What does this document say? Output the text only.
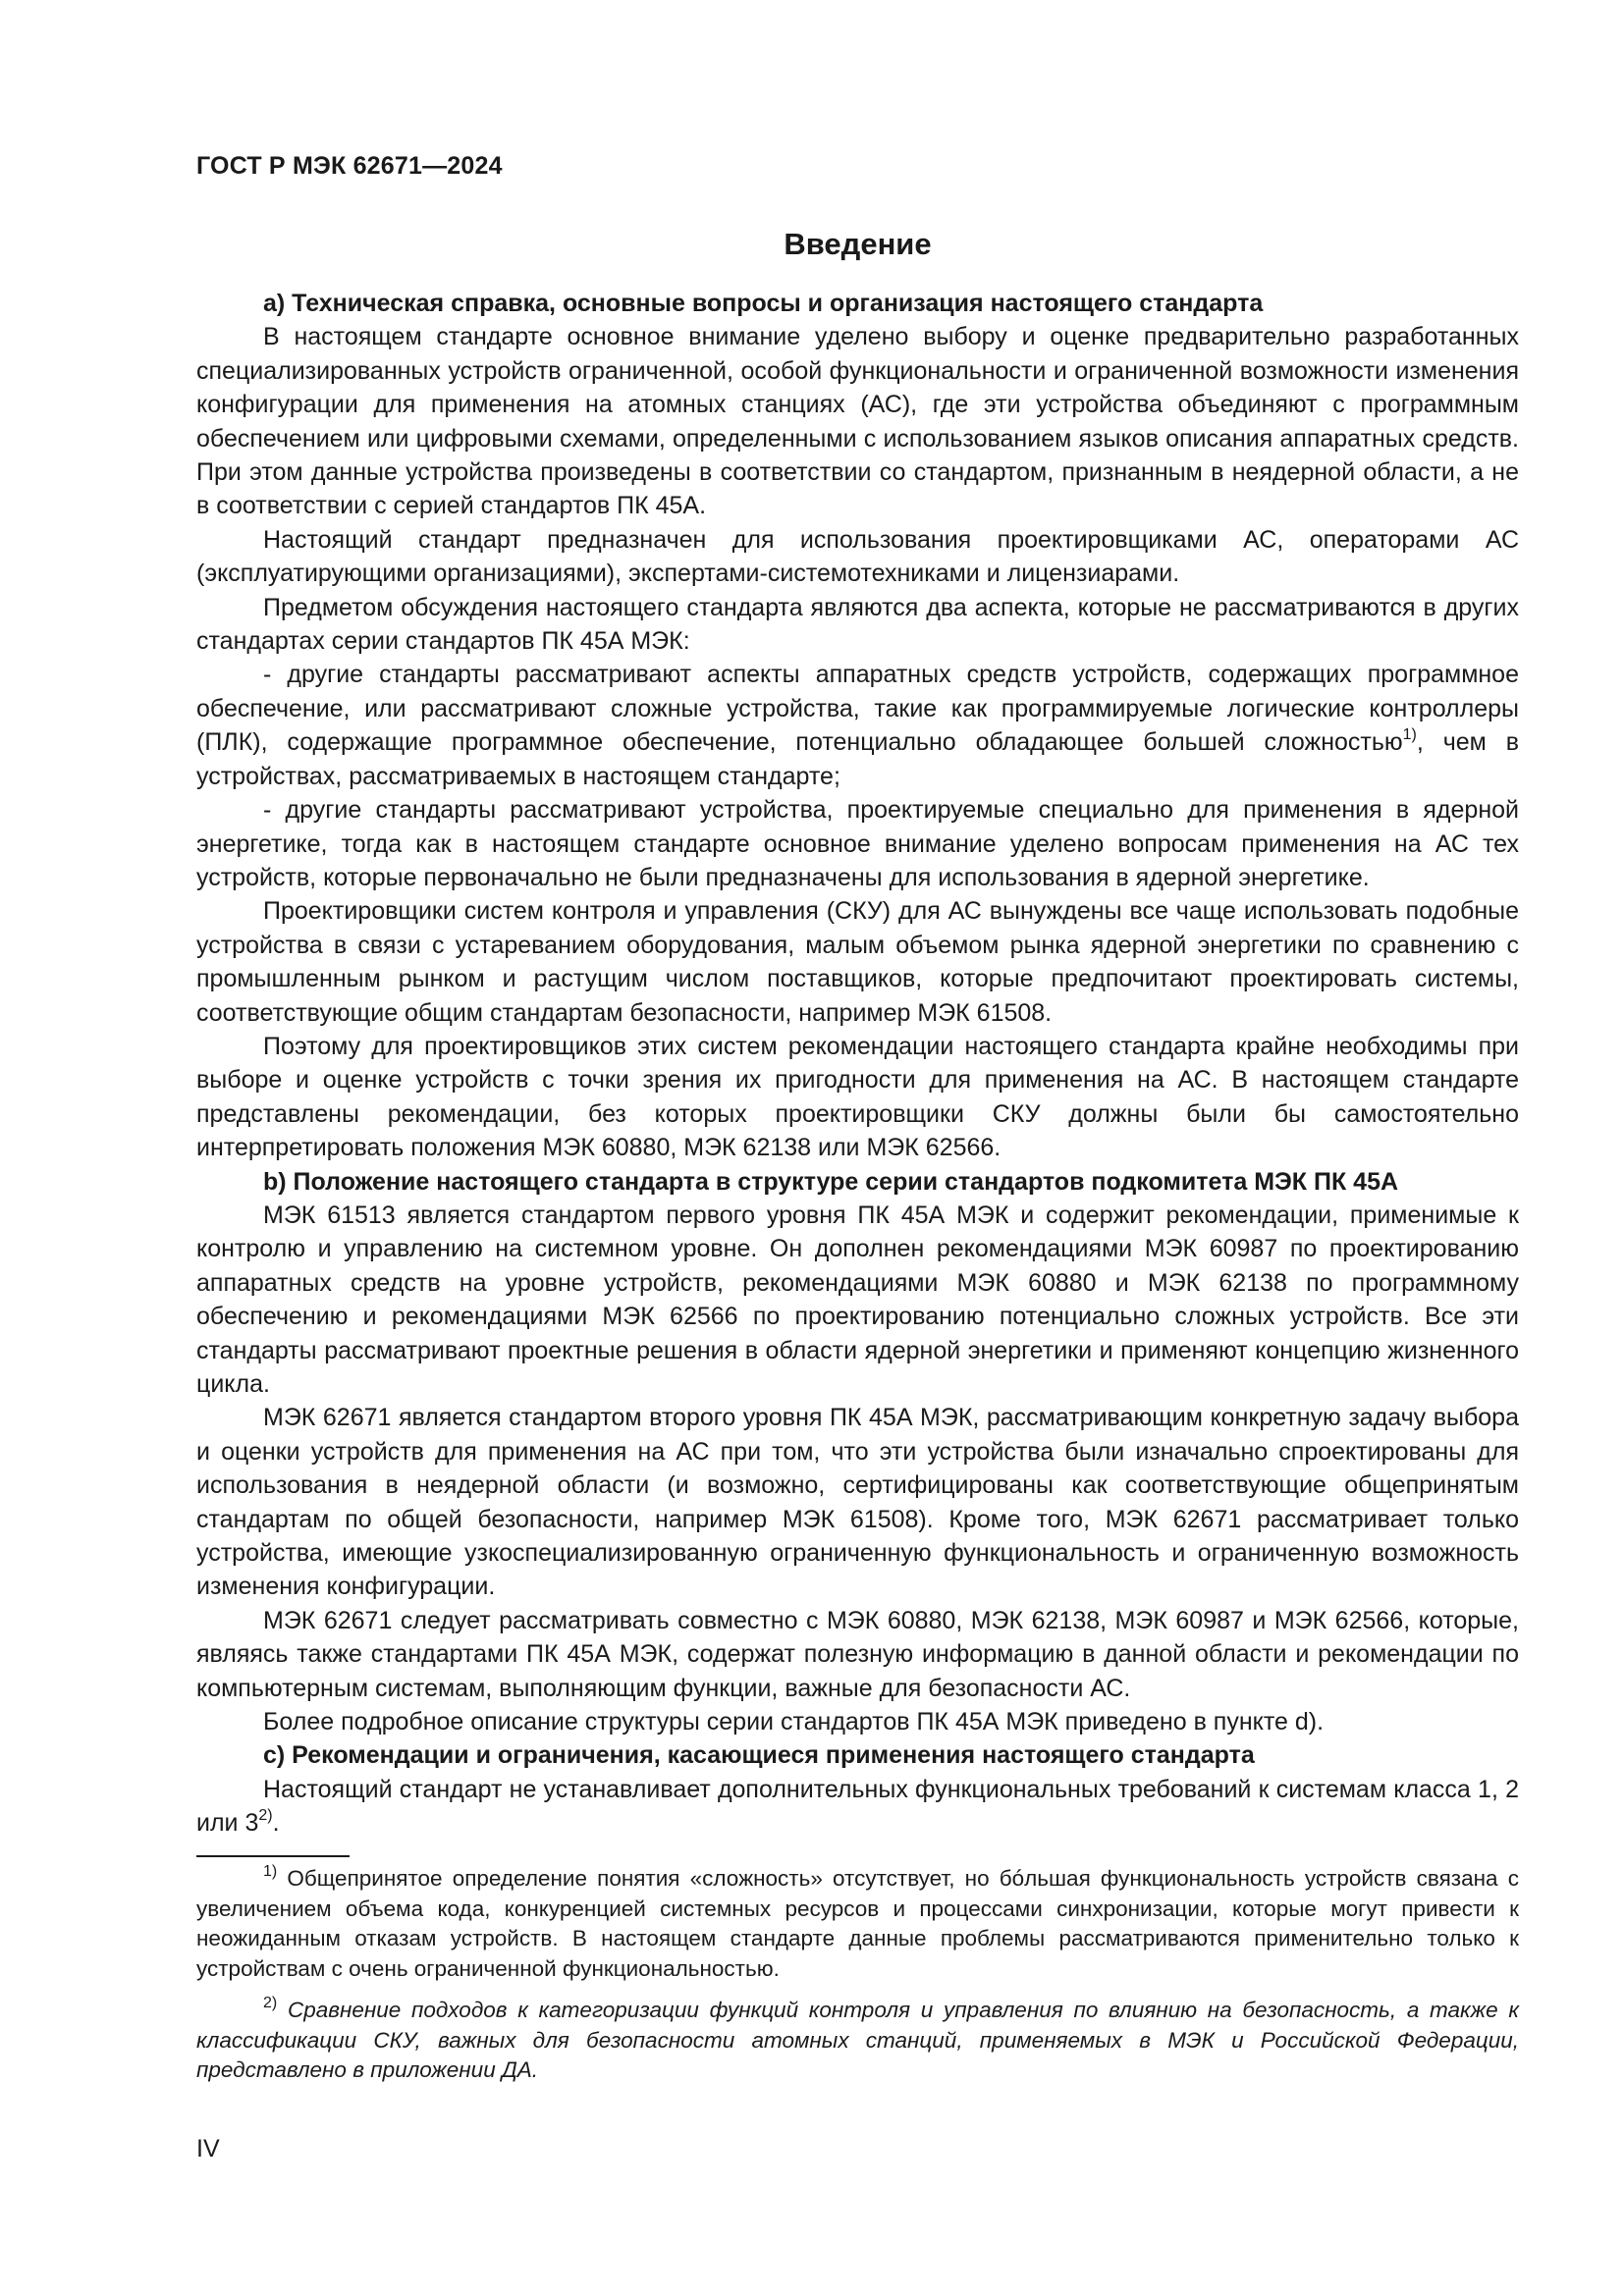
ГОСТ Р МЭК 62671—2024
Введение

a) Техническая справка, основные вопросы и организация настоящего стандарта

В настоящем стандарте основное внимание уделено выбору и оценке предварительно разработанных специализированных устройств ограниченной, особой функциональности и ограниченной возможности изменения конфигурации для применения на атомных станциях (АС), где эти устройства объединяют с программным обеспечением или цифровыми схемами, определенными с использованием языков описания аппаратных средств. При этом данные устройства произведены в соответствии со стандартом, признанным в неядерной области, а не в соответствии с серией стандартов ПК 45А.

Настоящий стандарт предназначен для использования проектировщиками АС, операторами АС (эксплуатирующими организациями), экспертами-системотехниками и лицензиарами.

Предметом обсуждения настоящего стандарта являются два аспекта, которые не рассматриваются в других стандартах серии стандартов ПК 45А МЭК:

- другие стандарты рассматривают аспекты аппаратных средств устройств, содержащих программное обеспечение, или рассматривают сложные устройства, такие как программируемые логические контроллеры (ПЛК), содержащие программное обеспечение, потенциально обладающее большей сложностью$^{1)}$, чем в устройствах, рассматриваемых в настоящем стандарте;

- другие стандарты рассматривают устройства, проектируемые специально для применения в ядерной энергетике, тогда как в настоящем стандарте основное внимание уделено вопросам применения на АС тех устройств, которые первоначально не были предназначены для использования в ядерной энергетике.

Проектировщики систем контроля и управления (СКУ) для АС вынуждены все чаще использовать подобные устройства в связи с устареванием оборудования, малым объемом рынка ядерной энергетики по сравнению с промышленным рынком и растущим числом поставщиков, которые предпочитают проектировать системы, соответствующие общим стандартам безопасности, например МЭК 61508.

Поэтому для проектировщиков этих систем рекомендации настоящего стандарта крайне необходимы при выборе и оценке устройств с точки зрения их пригодности для применения на АС. В настоящем стандарте представлены рекомендации, без которых проектировщики СКУ должны были бы самостоятельно интерпретировать положения МЭК 60880, МЭК 62138 или МЭК 62566.

b) Положение настоящего стандарта в структуре серии стандартов подкомитета МЭК ПК 45А

МЭК 61513 является стандартом первого уровня ПК 45А МЭК и содержит рекомендации, применимые к контролю и управлению на системном уровне. Он дополнен рекомендациями МЭК 60987 по проектированию аппаратных средств на уровне устройств, рекомендациями МЭК 60880 и МЭК 62138 по программному обеспечению и рекомендациями МЭК 62566 по проектированию потенциально сложных устройств. Все эти стандарты рассматривают проектные решения в области ядерной энергетики и применяют концепцию жизненного цикла.

МЭК 62671 является стандартом второго уровня ПК 45А МЭК, рассматривающим конкретную задачу выбора и оценки устройств для применения на АС при том, что эти устройства были изначально спроектированы для использования в неядерной области (и возможно, сертифицированы как соответствующие общепринятым стандартам по общей безопасности, например МЭК 61508). Кроме того, МЭК 62671 рассматривает только устройства, имеющие узкоспециализированную ограниченную функциональность и ограниченную возможность изменения конфигурации.

МЭК 62671 следует рассматривать совместно с МЭК 60880, МЭК 62138, МЭК 60987 и МЭК 62566, которые, являясь также стандартами ПК 45А МЭК, содержат полезную информацию в данной области и рекомендации по компьютерным системам, выполняющим функции, важные для безопасности АС.

Более подробное описание структуры серии стандартов ПК 45А МЭК приведено в пункте d).

c) Рекомендации и ограничения, касающиеся применения настоящего стандарта

Настоящий стандарт не устанавливает дополнительных функциональных требований к системам класса 1, 2 или 3$^{2)}$.

$^{1)}$ Общепринятое определение понятия «сложность» отсутствует, но бóльшая функциональность устройств связана с увеличением объема кода, конкуренцией системных ресурсов и процессами синхронизации, которые могут привести к неожиданным отказам устройств. В настоящем стандарте данные проблемы рассматриваются применительно только к устройствам с очень ограниченной функциональностью.

$^{2)}$ Сравнение подходов к категоризации функций контроля и управления по влиянию на безопасность, а также к классификации СКУ, важных для безопасности атомных станций, применяемых в МЭК и Российской Федерации, представлено в приложении ДА.

IV
